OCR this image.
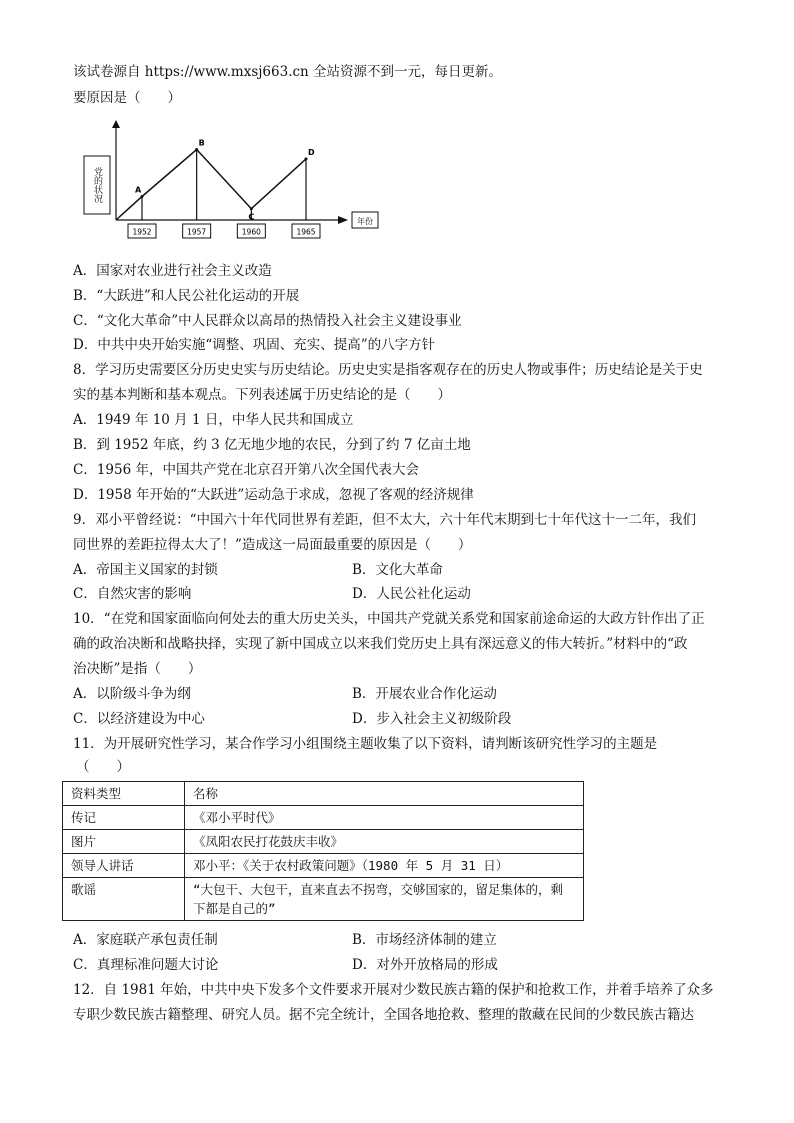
该试卷源自 https://www.mxsj663.cn 全站资源不到一元，每日更新。
要原因是（　　）
党的状况
年份
1952	1957	1960	1965
A
B
C
D
A．国家对农业进行社会主义改造
B．“大跃进”和人民公社化运动的开展
C．“文化大革命”中人民群众以高昂的热情投入社会主义建设事业
D．中共中央开始实施“调整、巩固、充实、提高”的八字方针
8．学习历史需要区分历史史实与历史结论。历史史实是指客观存在的历史人物或事件；历史结论是关于史
实的基本判断和基本观点。下列表述属于历史结论的是（　　）
A．1949 年 10 月 1 日，中华人民共和国成立
B．到 1952 年底，约 3 亿无地少地的农民，分到了约 7 亿亩土地
C．1956 年，中国共产党在北京召开第八次全国代表大会
D．1958 年开始的“大跃进”运动急于求成，忽视了客观的经济规律
9．邓小平曾经说：“中国六十年代同世界有差距，但不太大，六十年代末期到七十年代这十一二年，我们
同世界的差距拉得太大了！”造成这一局面最重要的原因是（　　）
A．帝国主义国家的封锁	B．文化大革命
C．自然灾害的影响	D．人民公社化运动
10．“在党和国家面临向何处去的重大历史关头，中国共产党就关系党和国家前途命运的大政方针作出了正
确的政治决断和战略抉择，实现了新中国成立以来我们党历史上具有深远意义的伟大转折。”材料中的“政
治决断”是指（　　）
A．以阶级斗争为纲	B．开展农业合作化运动
C．以经济建设为中心	D．步入社会主义初级阶段
11．为开展研究性学习，某合作学习小组围绕主题收集了以下资料，请判断该研究性学习的主题是
（　　）
资料类型	名称
传记	《邓小平时代》
图片	《凤阳农民打花鼓庆丰收》
领导人讲话	邓小平：《关于农村政策问题》（1980 年 5 月 31 日）
歌谣	“大包干、大包干，直来直去不拐弯，交够国家的，留足集体的，剩下都是自己的”
A．家庭联产承包责任制	B．市场经济体制的建立
C．真理标准问题大讨论	D．对外开放格局的形成
12．自 1981 年始，中共中央下发多个文件要求开展对少数民族古籍的保护和抢救工作，并着手培养了众多
专职少数民族古籍整理、研究人员。据不完全统计，全国各地抢救、整理的散藏在民间的少数民族古籍达
